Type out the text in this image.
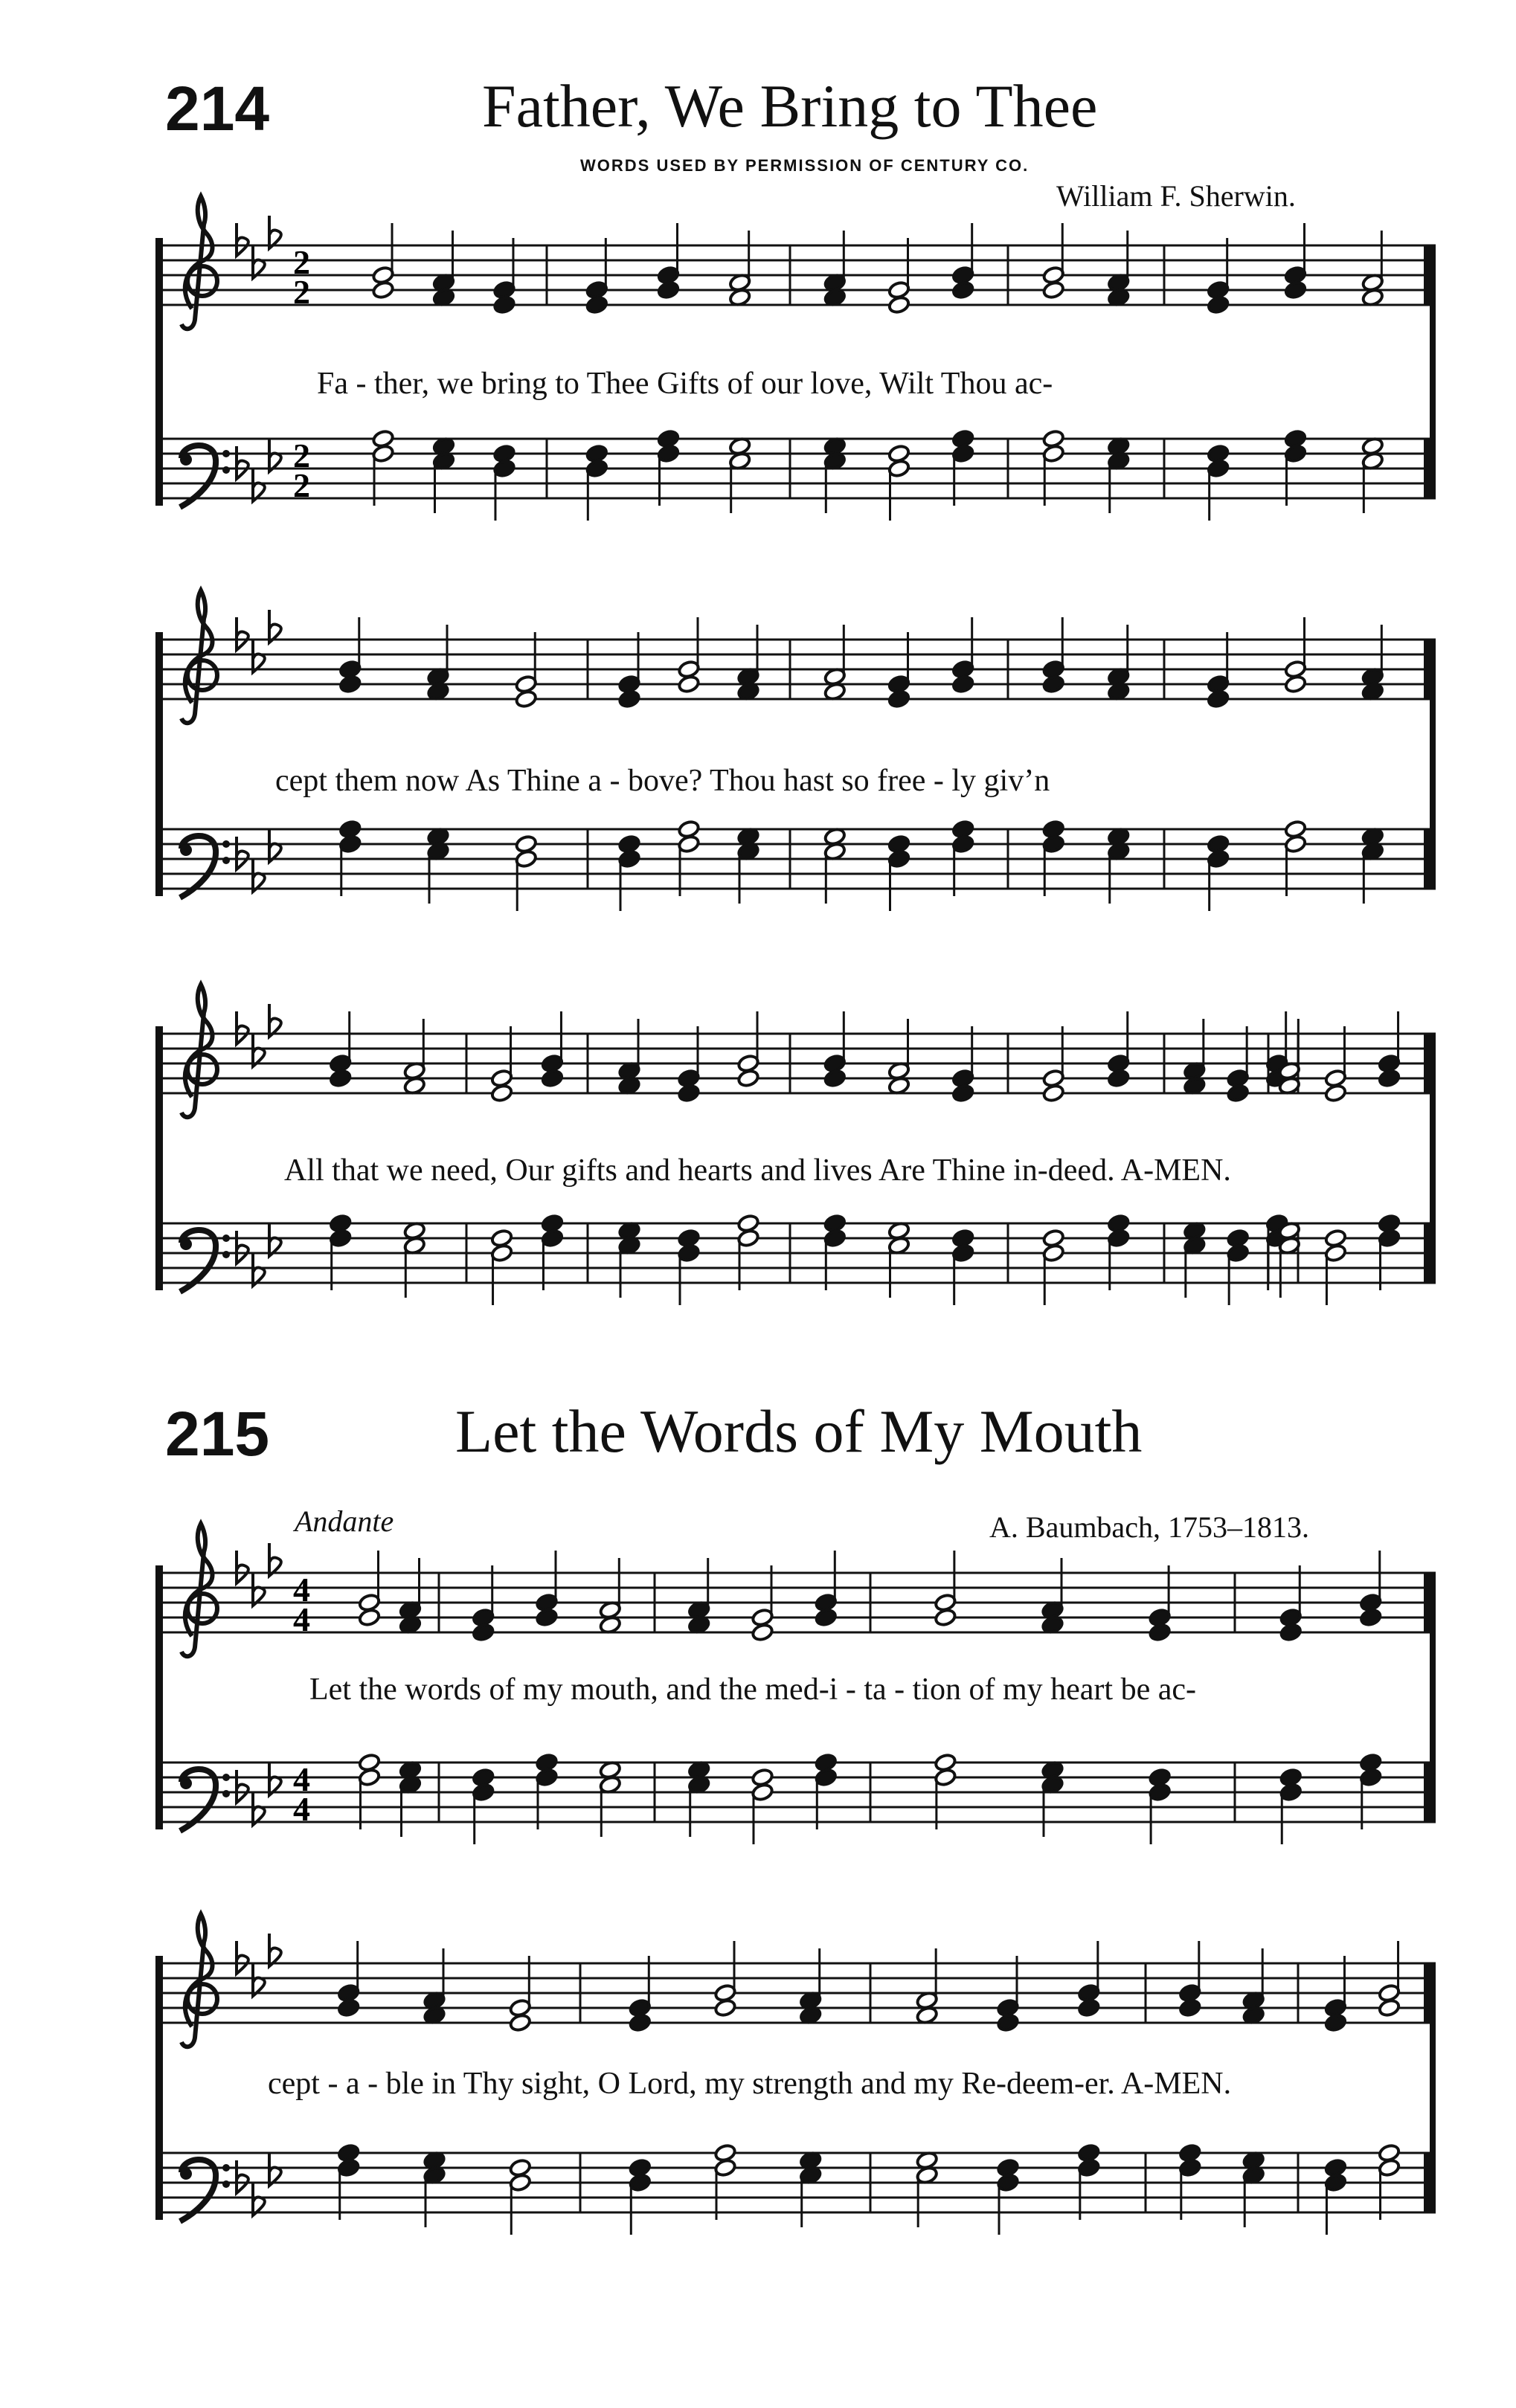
214	Father, We Bring to Thee
WORDS USED BY PERMISSION OF CENTURY CO.
William F. Sherwin.
Fa - ther, we bring to Thee Gifts of our love, Wilt Thou ac-
cept them now As Thine a - bove? Thou hast so free - ly giv’n
All that we need, Our gifts and hearts and lives Are Thine in-deed. A-MEN.
215	Let the Words of My Mouth
A. Baumbach, 1753–1813.
Andante
Let the words of my mouth, and the med-i - ta - tion of my heart be ac-
cept - a - ble in Thy sight, O Lord, my strength and my Re-deem-er. A-MEN.
2
2
2
2
4
4
4
4
